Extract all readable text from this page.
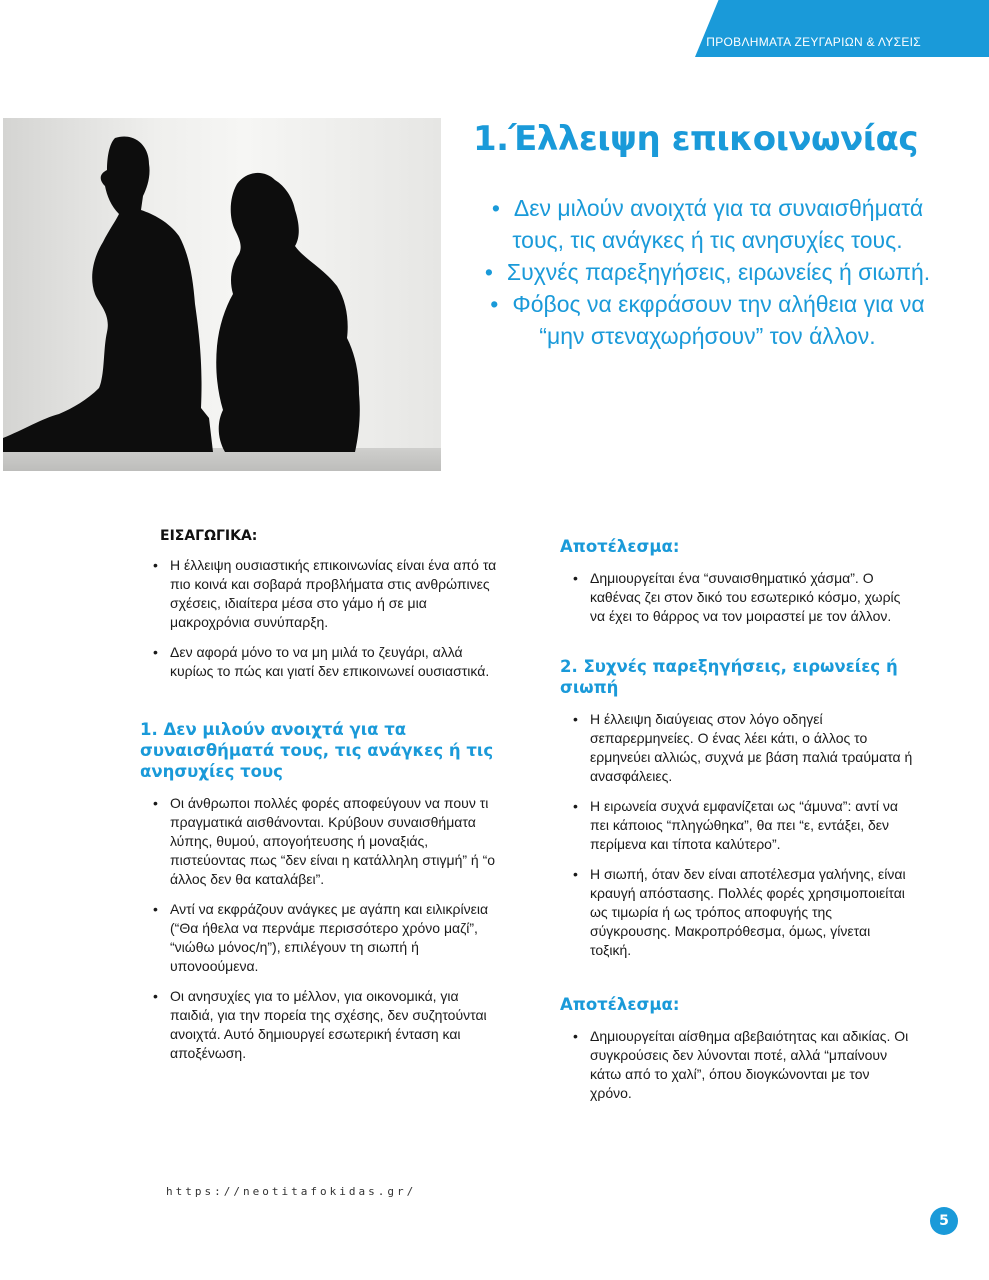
ΠΡΟΒΛΗΜΑΤΑ ΖΕΥΓΑΡΙΩΝ & ΛΥΣΕΙΣ
1.Έλλειψη επικοινωνίας
• Δεν μιλούν ανοιχτά για τα συναισθήματά τους, τις ανάγκες ή τις ανησυχίες τους.
• Συχνές παρεξηγήσεις, ειρωνείες ή σιωπή.
• Φόβος να εκφράσουν την αλήθεια για να “μην στεναχωρήσουν” τον άλλον.

ΕΙΣΑΓΩΓΙΚΑ:

• Η έλλειψη ουσιαστικής επικοινωνίας είναι ένα από τα πιο κοινά και σοβαρά προβλήματα στις ανθρώπινες σχέσεις, ιδιαίτερα μέσα στο γάμο ή σε μια μακροχρόνια συνύπαρξη.
• Δεν αφορά μόνο το να μη μιλά το ζευγάρι, αλλά κυρίως το πώς και γιατί δεν επικοινωνεί ουσιαστικά.
1. Δεν μιλούν ανοιχτά για τα συναισθήματά τους, τις ανάγκες ή τις ανησυχίες τους
• Οι άνθρωποι πολλές φορές αποφεύγουν να πουν τι πραγματικά αισθάνονται. Κρύβουν συναισθήματα λύπης, θυμού, απογοήτευσης ή μοναξιάς, πιστεύοντας πως “δεν είναι η κατάλληλη στιγμή” ή “ο άλλος δεν θα καταλάβει”.
• Αντί να εκφράζουν ανάγκες με αγάπη και ειλικρίνεια (“Θα ήθελα να περνάμε περισσότερο χρόνο μαζί”, “νιώθω μόνος/η”), επιλέγουν τη σιωπή ή υπονοούμενα.
• Οι ανησυχίες για το μέλλον, για οικονομικά, για παιδιά, για την πορεία της σχέσης, δεν συζητούνται ανοιχτά. Αυτό δημιουργεί εσωτερική ένταση και αποξένωση.
Αποτέλεσμα:
• Δημιουργείται ένα “συναισθηματικό χάσμα”. Ο καθένας ζει στον δικό του εσωτερικό κόσμο, χωρίς να έχει το θάρρος να τον μοιραστεί με τον άλλον.
2. Συχνές παρεξηγήσεις, ειρωνείες ή σιωπή
• Η έλλειψη διαύγειας στον λόγο οδηγεί σεπαρερμηνείες. Ο ένας λέει κάτι, ο άλλος το ερμηνεύει αλλιώς, συχνά με βάση παλιά τραύματα ή ανασφάλειες.
• Η ειρωνεία συχνά εμφανίζεται ως “άμυνα”: αντί να πει κάποιος “πληγώθηκα”, θα πει “ε, εντάξει, δεν περίμενα και τίποτα καλύτερο”.
• Η σιωπή, όταν δεν είναι αποτέλεσμα γαλήνης, είναι κραυγή απόστασης. Πολλές φορές χρησιμοποιείται ως τιμωρία ή ως τρόπος αποφυγής της σύγκρουσης. Μακροπρόθεσμα, όμως, γίνεται τοξική.
Αποτέλεσμα:
• Δημιουργείται αίσθημα αβεβαιότητας και αδικίας. Οι συγκρούσεις δεν λύνονται ποτέ, αλλά “μπαίνουν κάτω από το χαλί”, όπου διογκώνονται με τον χρόνο.
https://neotitafokidas.gr/
5
